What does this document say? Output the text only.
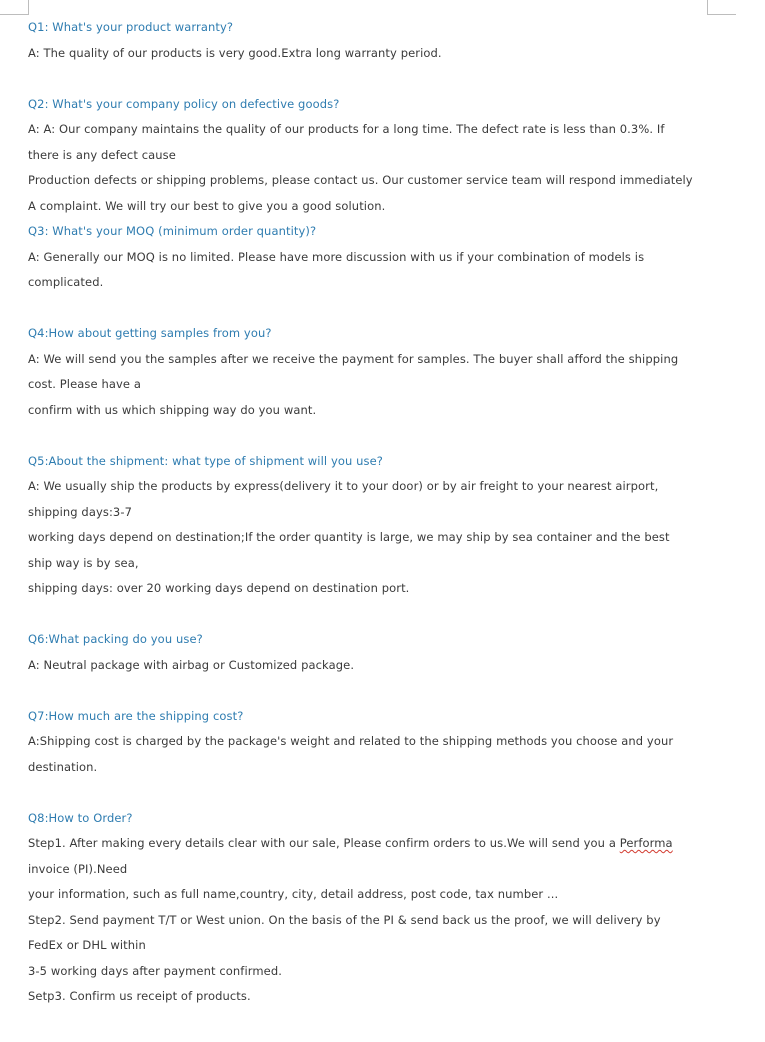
Q1: What's your product warranty?
A: The quality of our products is very good.Extra long warranty period.
Q2: What's your company policy on defective goods?
A: A: Our company maintains the quality of our products for a long time. The defect rate is less than 0.3%. If
there is any defect cause
Production defects or shipping problems, please contact us. Our customer service team will respond immediately
A complaint. We will try our best to give you a good solution.
Q3: What's your MOQ (minimum order quantity)?
A: Generally our MOQ is no limited. Please have more discussion with us if your combination of models is
complicated.
Q4:How about getting samples from you?
A: We will send you the samples after we receive the payment for samples. The buyer shall afford the shipping
cost. Please have a
confirm with us which shipping way do you want.
Q5:About the shipment: what type of shipment will you use?
A: We usually ship the products by express(delivery it to your door) or by air freight to your nearest airport,
shipping days:3-7
working days depend on destination;If the order quantity is large, we may ship by sea container and the best
ship way is by sea,
shipping days: over 20 working days depend on destination port.
Q6:What packing do you use?
A: Neutral package with airbag or Customized package.
Q7:How much are the shipping cost?
A:Shipping cost is charged by the package's weight and related to the shipping methods you choose and your
destination.
Q8:How to Order?
Step1. After making every details clear with our sale, Please confirm orders to us.We will send you a Performa
invoice (PI).Need
your information, such as full name,country, city, detail address, post code, tax number ...
Step2. Send payment T/T or West union. On the basis of the PI & send back us the proof, we will delivery by
FedEx or DHL within
3-5 working days after payment confirmed.
Setp3. Confirm us receipt of products.
